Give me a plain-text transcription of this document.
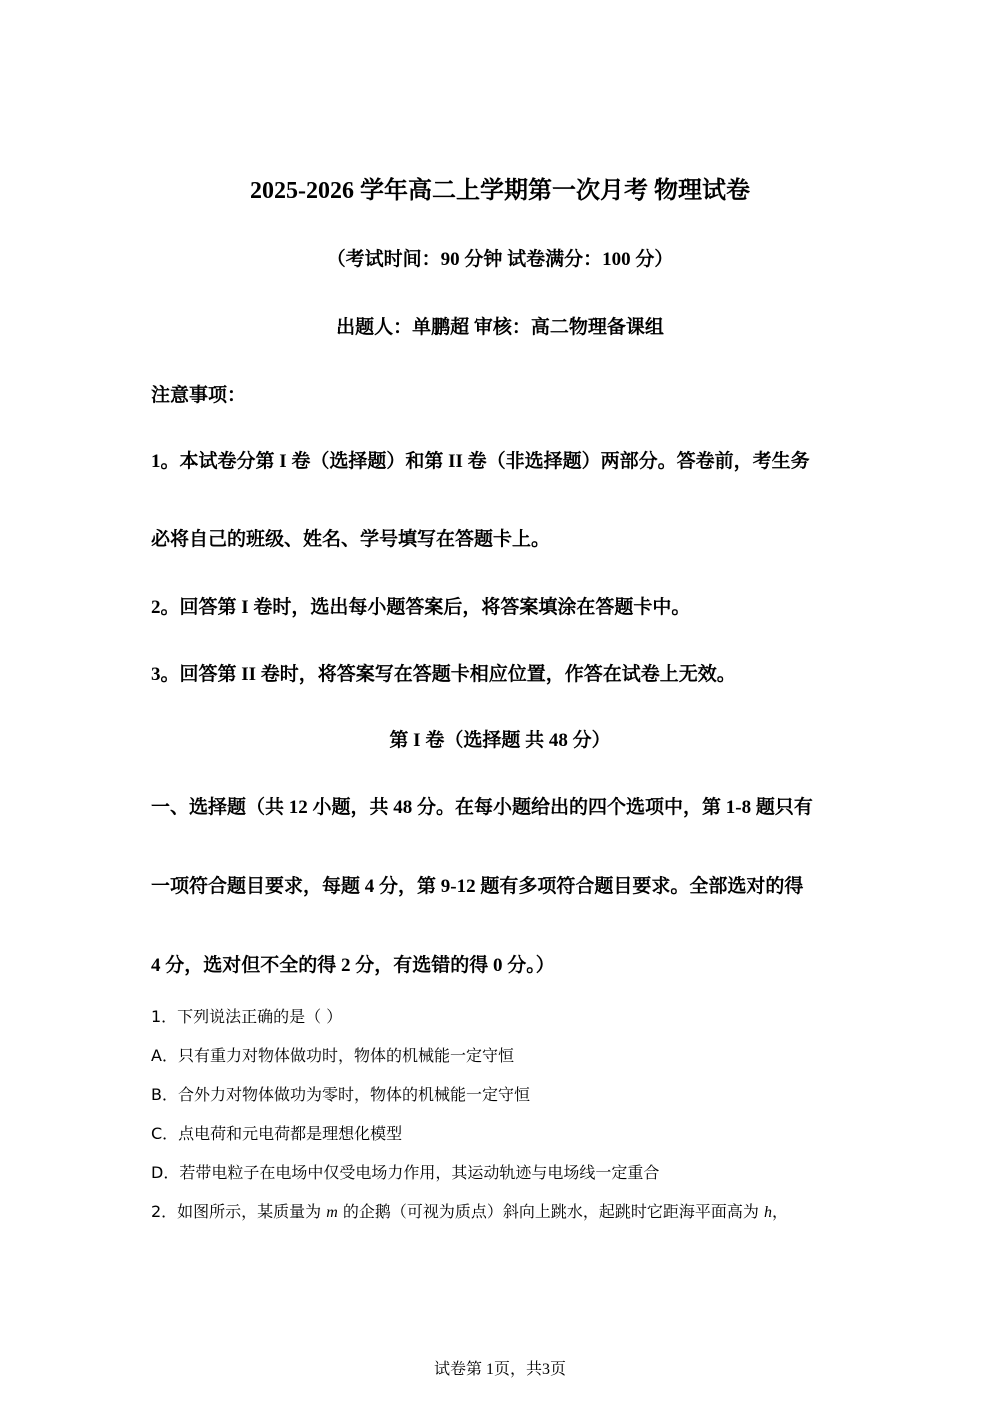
2025-2026 学年高二上学期第一次月考 物理试卷
（考试时间：90 分钟 试卷满分：100 分）
出题人：单鹏超 审核：高二物理备课组
注意事项：
1。本试卷分第 I 卷（选择题）和第 II 卷（非选择题）两部分。答卷前，考生务
必将自己的班级、姓名、学号填写在答题卡上。
2。回答第 I 卷时，选出每小题答案后，将答案填涂在答题卡中。
3。回答第 II 卷时，将答案写在答题卡相应位置，作答在试卷上无效。
第 I 卷（选择题 共 48 分）
一、选择题（共 12 小题，共 48 分。在每小题给出的四个选项中，第 1-8 题只有
一项符合题目要求，每题 4 分，第 9-12 题有多项符合题目要求。全部选对的得
4 分，选对但不全的得 2 分，有选错的得 0 分。）
1．下列说法正确的是（ ）
A．只有重力对物体做功时，物体的机械能一定守恒
B．合外力对物体做功为零时，物体的机械能一定守恒
C．点电荷和元电荷都是理想化模型
D．若带电粒子在电场中仅受电场力作用，其运动轨迹与电场线一定重合
2．如图所示，某质量为 m 的企鹅（可视为质点）斜向上跳水，起跳时它距海平面高为 h，
试卷第 1页，共3页
